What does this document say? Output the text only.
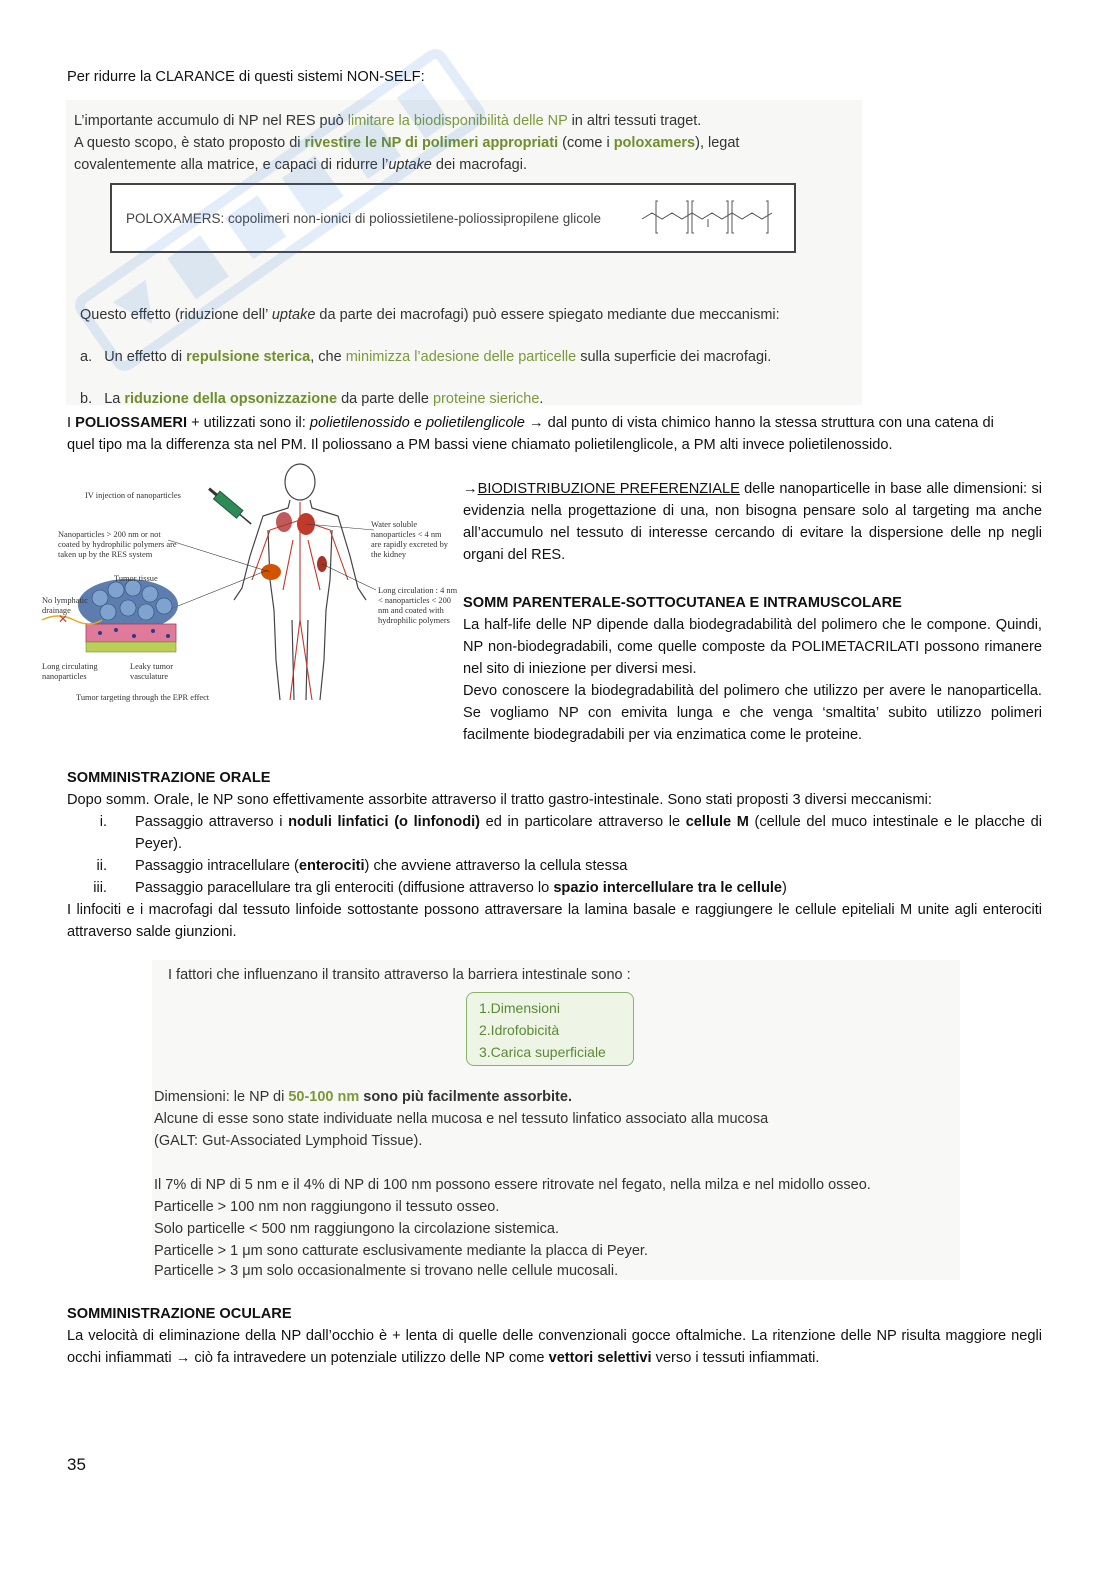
Per ridurre la CLARANCE di questi sistemi NON-SELF:
L’importante accumulo di NP nel RES può limitare la biodisponibilità delle NP in altri tessuti traget.
A questo scopo, è stato proposto di rivestire le NP di polimeri appropriati (come i poloxamers), legat
covalentemente alla matrice, e capaci di ridurre l’uptake dei macrofagi.
POLOXAMERS: copolimeri non-ionici di poliossietilene-poliossipropilene glicole
Questo effetto (riduzione dell’ uptake da parte dei macrofagi) può essere spiegato mediante due meccanismi:
a. Un effetto di repulsione sterica, che minimizza l’adesione delle particelle sulla superficie dei macrofagi.
b. La riduzione della opsonizzazione da parte delle proteine sieriche.
I POLIOSSAMERI + utilizzati sono il: polietilenossido e polietilenglicole → dal punto di vista chimico hanno la stessa struttura con una catena di
quel tipo ma la differenza sta nel PM. Il poliossano a PM bassi viene chiamato polietilenglicole, a PM alti invece polietilenossido.
✕
IV injection of nanoparticles
Nanoparticles > 200 nm or not coated by hydrophilic polymers are taken up by the RES system
Water soluble nanoparticles < 4 nm are rapidly excreted by the kidney
Tumor tissue
No lymphatic drainage
Long circulation : 4 nm < nanoparticles < 200 nm and coated with hydrophilic polymers
Long circulating nanoparticles
Leaky tumor vasculature
Tumor targeting through the EPR effect
→BIODISTRIBUZIONE PREFERENZIALE delle nanoparticelle in base alle dimensioni: si evidenzia nella progettazione di una, non bisogna pensare solo al targeting ma anche all’accumulo nel tessuto di interesse cercando di evitare la dispersione delle np negli organi del RES.
SOMM PARENTERALE-SOTTOCUTANEA E INTRAMUSCOLARE
La half-life delle NP dipende dalla biodegradabilità del polimero che le compone. Quindi, NP non-biodegradabili, come quelle composte da POLIMETACRILATI possono rimanere nel sito di iniezione per diversi mesi.
Devo conoscere la biodegradabilità del polimero che utilizzo per avere le nanoparticella. Se vogliamo NP con emivita lunga e che venga ‘smaltita’ subito utilizzo polimeri facilmente biodegradabili per via enzimatica come le proteine.
SOMMINISTRAZIONE ORALE
Dopo somm. Orale, le NP sono effettivamente assorbite attraverso il tratto gastro-intestinale. Sono stati proposti 3 diversi meccanismi:
i. Passaggio attraverso i noduli linfatici (o linfonodi) ed in particolare attraverso le cellule M (cellule del muco intestinale e le placche di Peyer).
ii. Passaggio intracellulare (enterociti) che avviene attraverso la cellula stessa
iii. Passaggio paracellulare tra gli enterociti (diffusione attraverso lo spazio intercellulare tra le cellule)
I linfociti e i macrofagi dal tessuto linfoide sottostante possono attraversare la lamina basale e raggiungere le cellule epiteliali M unite agli enterociti attraverso salde giunzioni.
I fattori che influenzano il transito attraverso la barriera intestinale sono :
1.Dimensioni
2.Idrofobicità
3.Carica superficiale
Dimensioni: le NP di 50-100 nm sono più facilmente assorbite.
Alcune di esse sono state individuate nella mucosa e nel tessuto linfatico associato alla mucosa
(GALT: Gut-Associated Lymphoid Tissue).
Il 7% di NP di 5 nm e il 4% di NP di 100 nm possono essere ritrovate nel fegato, nella milza e nel midollo osseo.
Particelle > 100 nm non raggiungono il tessuto osseo.
Solo particelle < 500 nm raggiungono la circolazione sistemica.
Particelle > 1 μm sono catturate esclusivamente mediante la placca di Peyer.
Particelle > 3 μm solo occasionalmente si trovano nelle cellule mucosali.
SOMMINISTRAZIONE OCULARE
La velocità di eliminazione della NP dall’occhio è + lenta di quelle delle convenzionali gocce oftalmiche. La ritenzione delle NP risulta maggiore negli occhi infiammati → ciò fa intravedere un potenziale utilizzo delle NP come vettori selettivi verso i tessuti infiammati.
35
